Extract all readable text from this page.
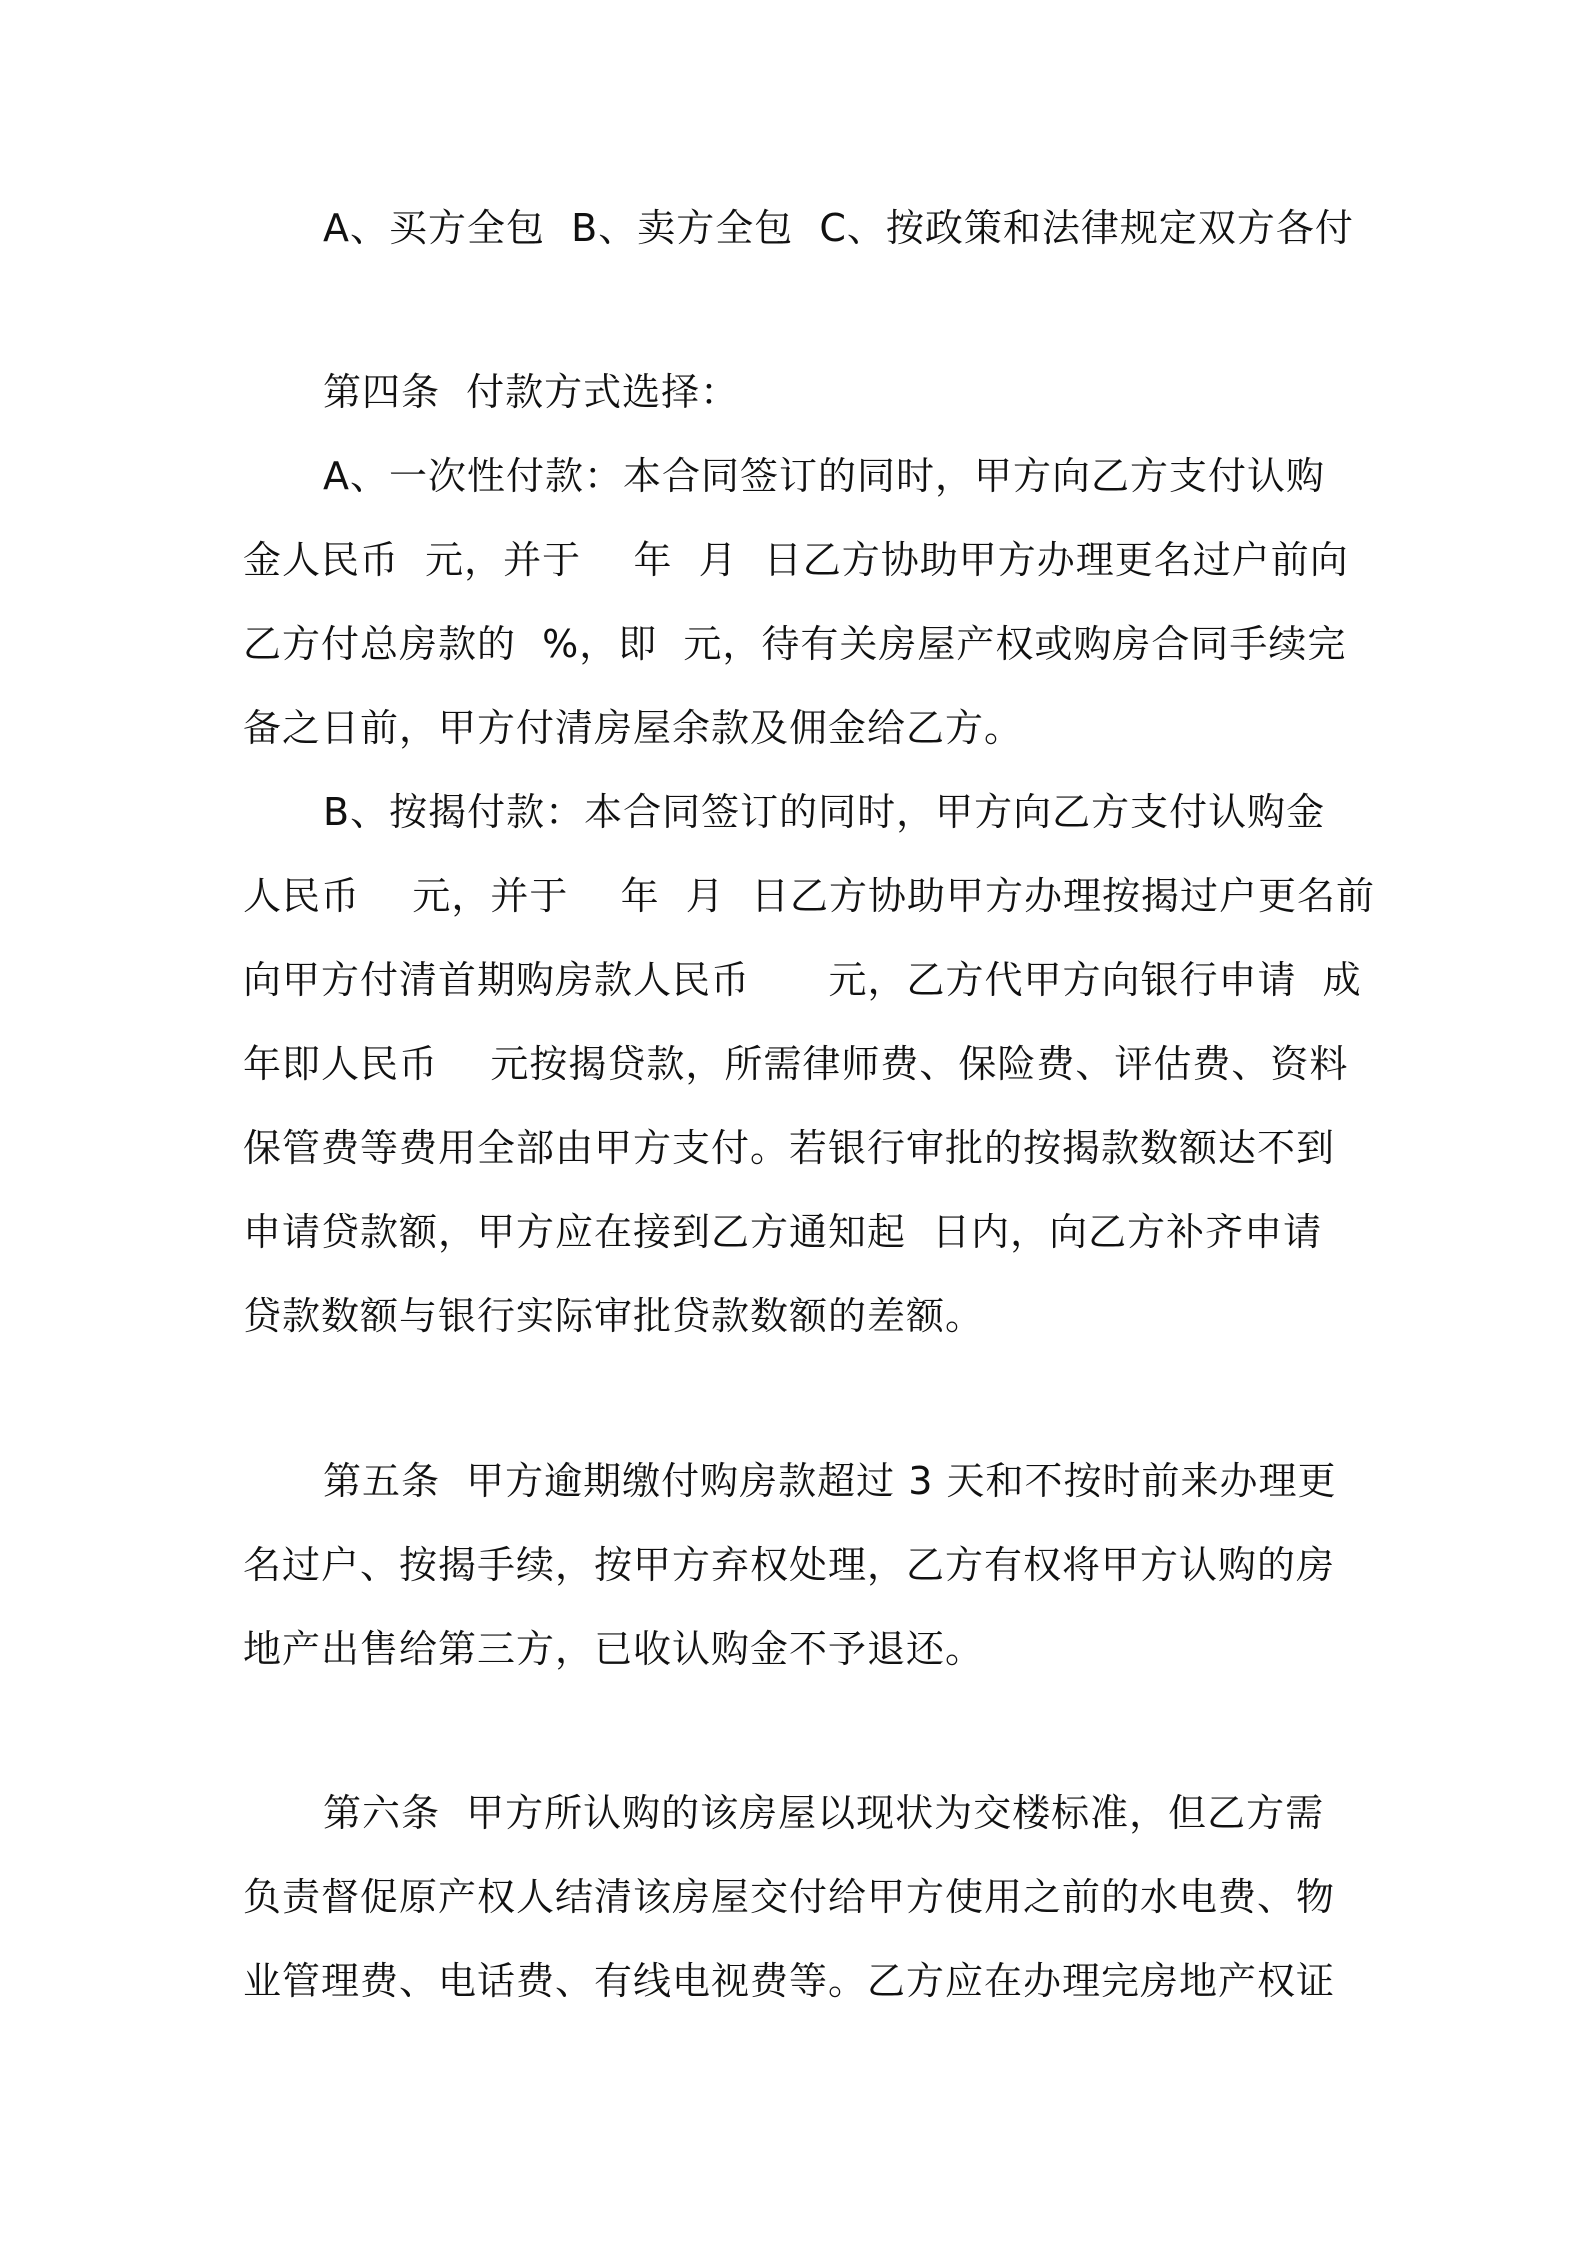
A、买方全包  B、卖方全包  C、按政策和法律规定双方各付
第四条  付款方式选择：
A、一次性付款：本合同签订的同时，甲方向乙方支付认购
金人民币  元，并于    年  月  日乙方协助甲方办理更名过户前向
乙方付总房款的  %，即  元，待有关房屋产权或购房合同手续完
备之日前，甲方付清房屋余款及佣金给乙方。
B、按揭付款：本合同签订的同时，甲方向乙方支付认购金
人民币    元，并于    年  月  日乙方协助甲方办理按揭过户更名前
向甲方付清首期购房款人民币      元，乙方代甲方向银行申请  成
年即人民币    元按揭贷款，所需律师费、保险费、评估费、资料
保管费等费用全部由甲方支付。若银行审批的按揭款数额达不到
申请贷款额，甲方应在接到乙方通知起  日内，向乙方补齐申请
贷款数额与银行实际审批贷款数额的差额。
第五条  甲方逾期缴付购房款超过 3 天和不按时前来办理更
名过户、按揭手续，按甲方弃权处理，乙方有权将甲方认购的房
地产出售给第三方，已收认购金不予退还。
第六条  甲方所认购的该房屋以现状为交楼标准，但乙方需
负责督促原产权人结清该房屋交付给甲方使用之前的水电费、物
业管理费、电话费、有线电视费等。乙方应在办理完房地产权证
